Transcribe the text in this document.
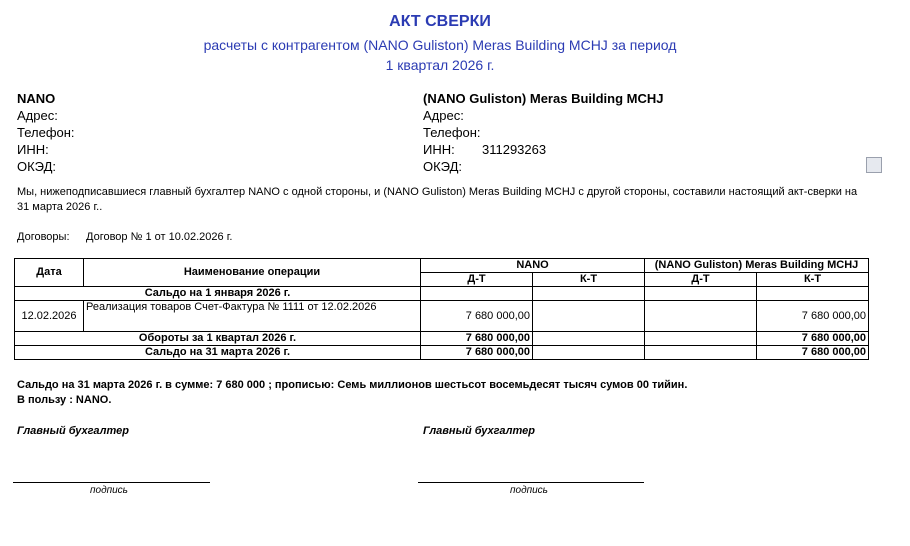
АКТ СВЕРКИ
расчеты с контрагентом (NANO Guliston) Meras Building MCHJ за период
1 квартал 2026 г.
NANO
Адрес:
Телефон:
ИНН:
ОКЭД:
(NANO Guliston) Meras Building MCHJ
Адрес:
Телефон:
ИНН: 311293263
ОКЭД:
Мы, нижеподписавшиеся главный бухгалтер NANO с одной стороны, и (NANO Guliston) Meras Building MCHJ с другой стороны, составили настоящий акт-сверки на
31 марта 2026 г..
Договоры: Договор № 1 от 10.02.2026 г.
Дата	Наименование операции	NANO		(NANO Guliston) Meras Building MCHJ	
		Д-Т	К-Т	Д-Т	К-Т
Сальдо на 1 января 2026 г.					
12.02.2026	Реализация товаров Счет-Фактура № 1111 от 12.02.2026	7 680 000,00			7 680 000,00
Обороты за 1 квартал 2026 г.		7 680 000,00			7 680 000,00
Сальдо на 31 марта 2026 г.		7 680 000,00			7 680 000,00
Сальдо на 31 марта 2026 г. в сумме: 7 680 000 ; прописью: Семь миллионов шестьсот восемьдесят тысяч сумов 00 тийин.
В пользу : NANO.
Главный бухгалтер	Главный бухгалтер
подпись	подпись
